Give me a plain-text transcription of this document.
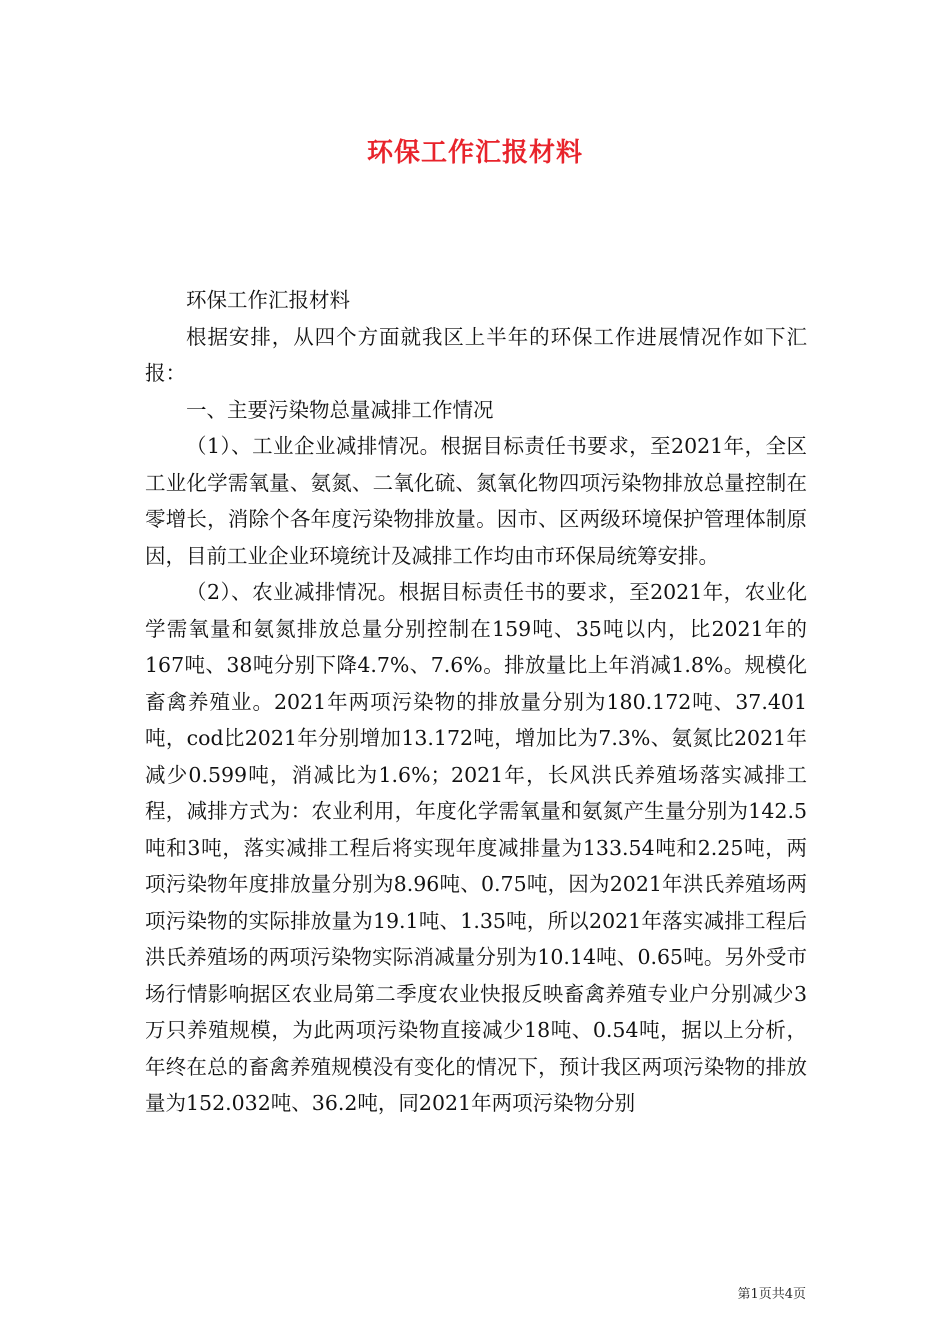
环保工作汇报材料

环保工作汇报材料

根据安排，从四个方面就我区上半年的环保工作进展情况作如下汇报：

一、主要污染物总量减排工作情况

（1）、工业企业减排情况。根据目标责任书要求，至2021年，全区工业化学需氧量、氨氮、二氧化硫、氮氧化物四项污染物排放总量控制在零增长，消除个各年度污染物排放量。因市、区两级环境保护管理体制原因，目前工业企业环境统计及减排工作均由市环保局统筹安排。

（2）、农业减排情况。根据目标责任书的要求，至2021年，农业化学需氧量和氨氮排放总量分别控制在159吨、35吨以内，比2021年的167吨、38吨分别下降4.7%、7.6%。排放量比上年消减1.8%。规模化畜禽养殖业。2021年两项污染物的排放量分别为180.172吨、37.401吨，cod比2021年分别增加13.172吨，增加比为7.3%、氨氮比2021年减少0.599吨，消减比为1.6%；2021年，长风洪氏养殖场落实减排工程，减排方式为：农业利用，年度化学需氧量和氨氮产生量分别为142.5吨和3吨，落实减排工程后将实现年度减排量为133.54吨和2.25吨，两项污染物年度排放量分别为8.96吨、0.75吨，因为2021年洪氏养殖场两项污染物的实际排放量为19.1吨、1.35吨，所以2021年落实减排工程后洪氏养殖场的两项污染物实际消减量分别为10.14吨、0.65吨。另外受市场行情影响据区农业局第二季度农业快报反映畜禽养殖专业户分别减少3万只养殖规模，为此两项污染物直接减少18吨、0.54吨，据以上分析，年终在总的畜禽养殖规模没有变化的情况下，预计我区两项污染物的排放量为152.032吨、36.2吨，同2021年两项污染物分别

第1页共4页
